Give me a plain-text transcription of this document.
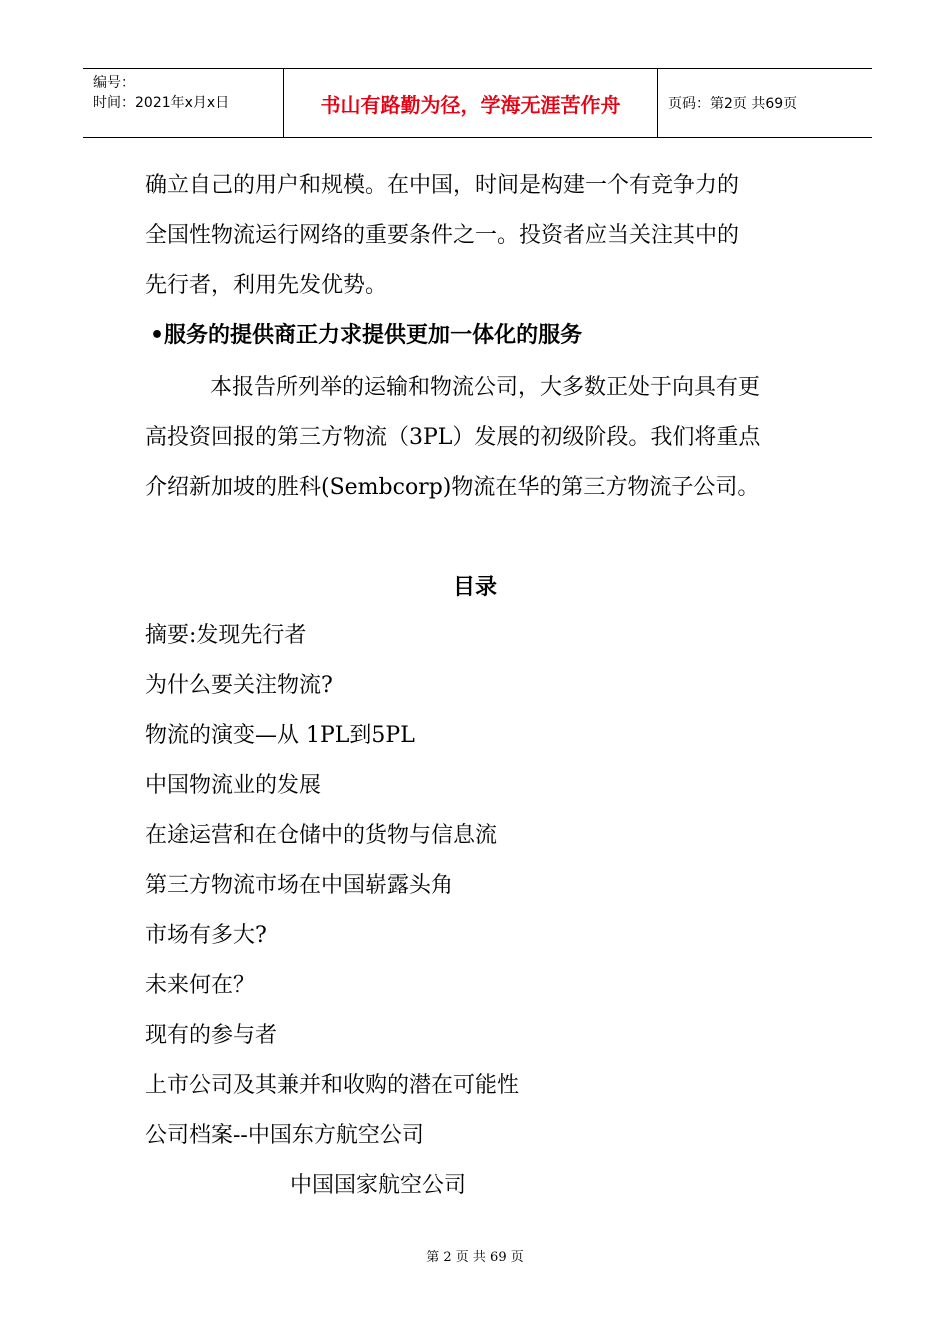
编号：
时间：2021年x月x日	书山有路勤为径，学海无涯苦作舟	页码：第2页 共69页
确立自己的用户和规模。在中国，时间是构建一个有竞争力的
全国性物流运行网络的重要条件之一。投资者应当关注其中的
先行者，利用先发优势。
•服务的提供商正力求提供更加一体化的服务
本报告所列举的运输和物流公司，大多数正处于向具有更
高投资回报的第三方物流（3PL）发展的初级阶段。我们将重点
介绍新加坡的胜科(Sembcorp)物流在华的第三方物流子公司。
目录
摘要:发现先行者
为什么要关注物流?
物流的演变—从 1PL到5PL
中国物流业的发展
在途运营和在仓储中的货物与信息流
第三方物流市场在中国崭露头角
市场有多大?
未来何在？
现有的参与者
上市公司及其兼并和收购的潜在可能性
公司档案--中国东方航空公司
中国国家航空公司
第 2 页 共 69 页
